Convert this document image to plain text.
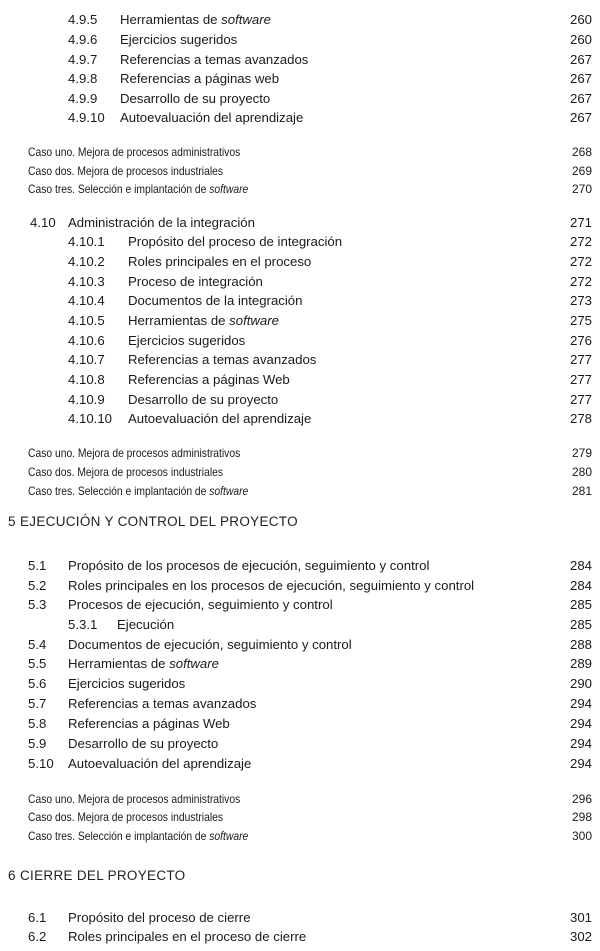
4.9.5 Herramientas de software	260
4.9.6 Ejercicios sugeridos	260
4.9.7 Referencias a temas avanzados	267
4.9.8 Referencias a páginas web	267
4.9.9 Desarrollo de su proyecto	267
4.9.10 Autoevaluación del aprendizaje	267
Caso uno. Mejora de procesos administrativos	268
Caso dos. Mejora de procesos industriales	269
Caso tres. Selección e implantación de software	270
4.10 Administración de la integración	271
4.10.1 Propósito del proceso de integración	272
4.10.2 Roles principales en el proceso	272
4.10.3 Proceso de integración	272
4.10.4 Documentos de la integración	273
4.10.5 Herramientas de software	275
4.10.6 Ejercicios sugeridos	276
4.10.7 Referencias a temas avanzados	277
4.10.8 Referencias a páginas Web	277
4.10.9 Desarrollo de su proyecto	277
4.10.10 Autoevaluación del aprendizaje	278
Caso uno. Mejora de procesos administrativos	279
Caso dos. Mejora de procesos industriales	280
Caso tres. Selección e implantación de software	281
5 EJECUCIÓN Y CONTROL DEL PROYECTO
5.1 Propósito de los procesos de ejecución, seguimiento y control	284
5.2 Roles principales en los procesos de ejecución, seguimiento y control	284
5.3 Procesos de ejecución, seguimiento y control	285
5.3.1 Ejecución	285
5.4 Documentos de ejecución, seguimiento y control	288
5.5 Herramientas de software	289
5.6 Ejercicios sugeridos	290
5.7 Referencias a temas avanzados	294
5.8 Referencias a páginas Web	294
5.9 Desarrollo de su proyecto	294
5.10 Autoevaluación del aprendizaje	294
Caso uno. Mejora de procesos administrativos	296
Caso dos. Mejora de procesos industriales	298
Caso tres. Selección e implantación de software	300
6 CIERRE DEL PROYECTO
6.1 Propósito del proceso de cierre	301
6.2 Roles principales en el proceso de cierre	302
